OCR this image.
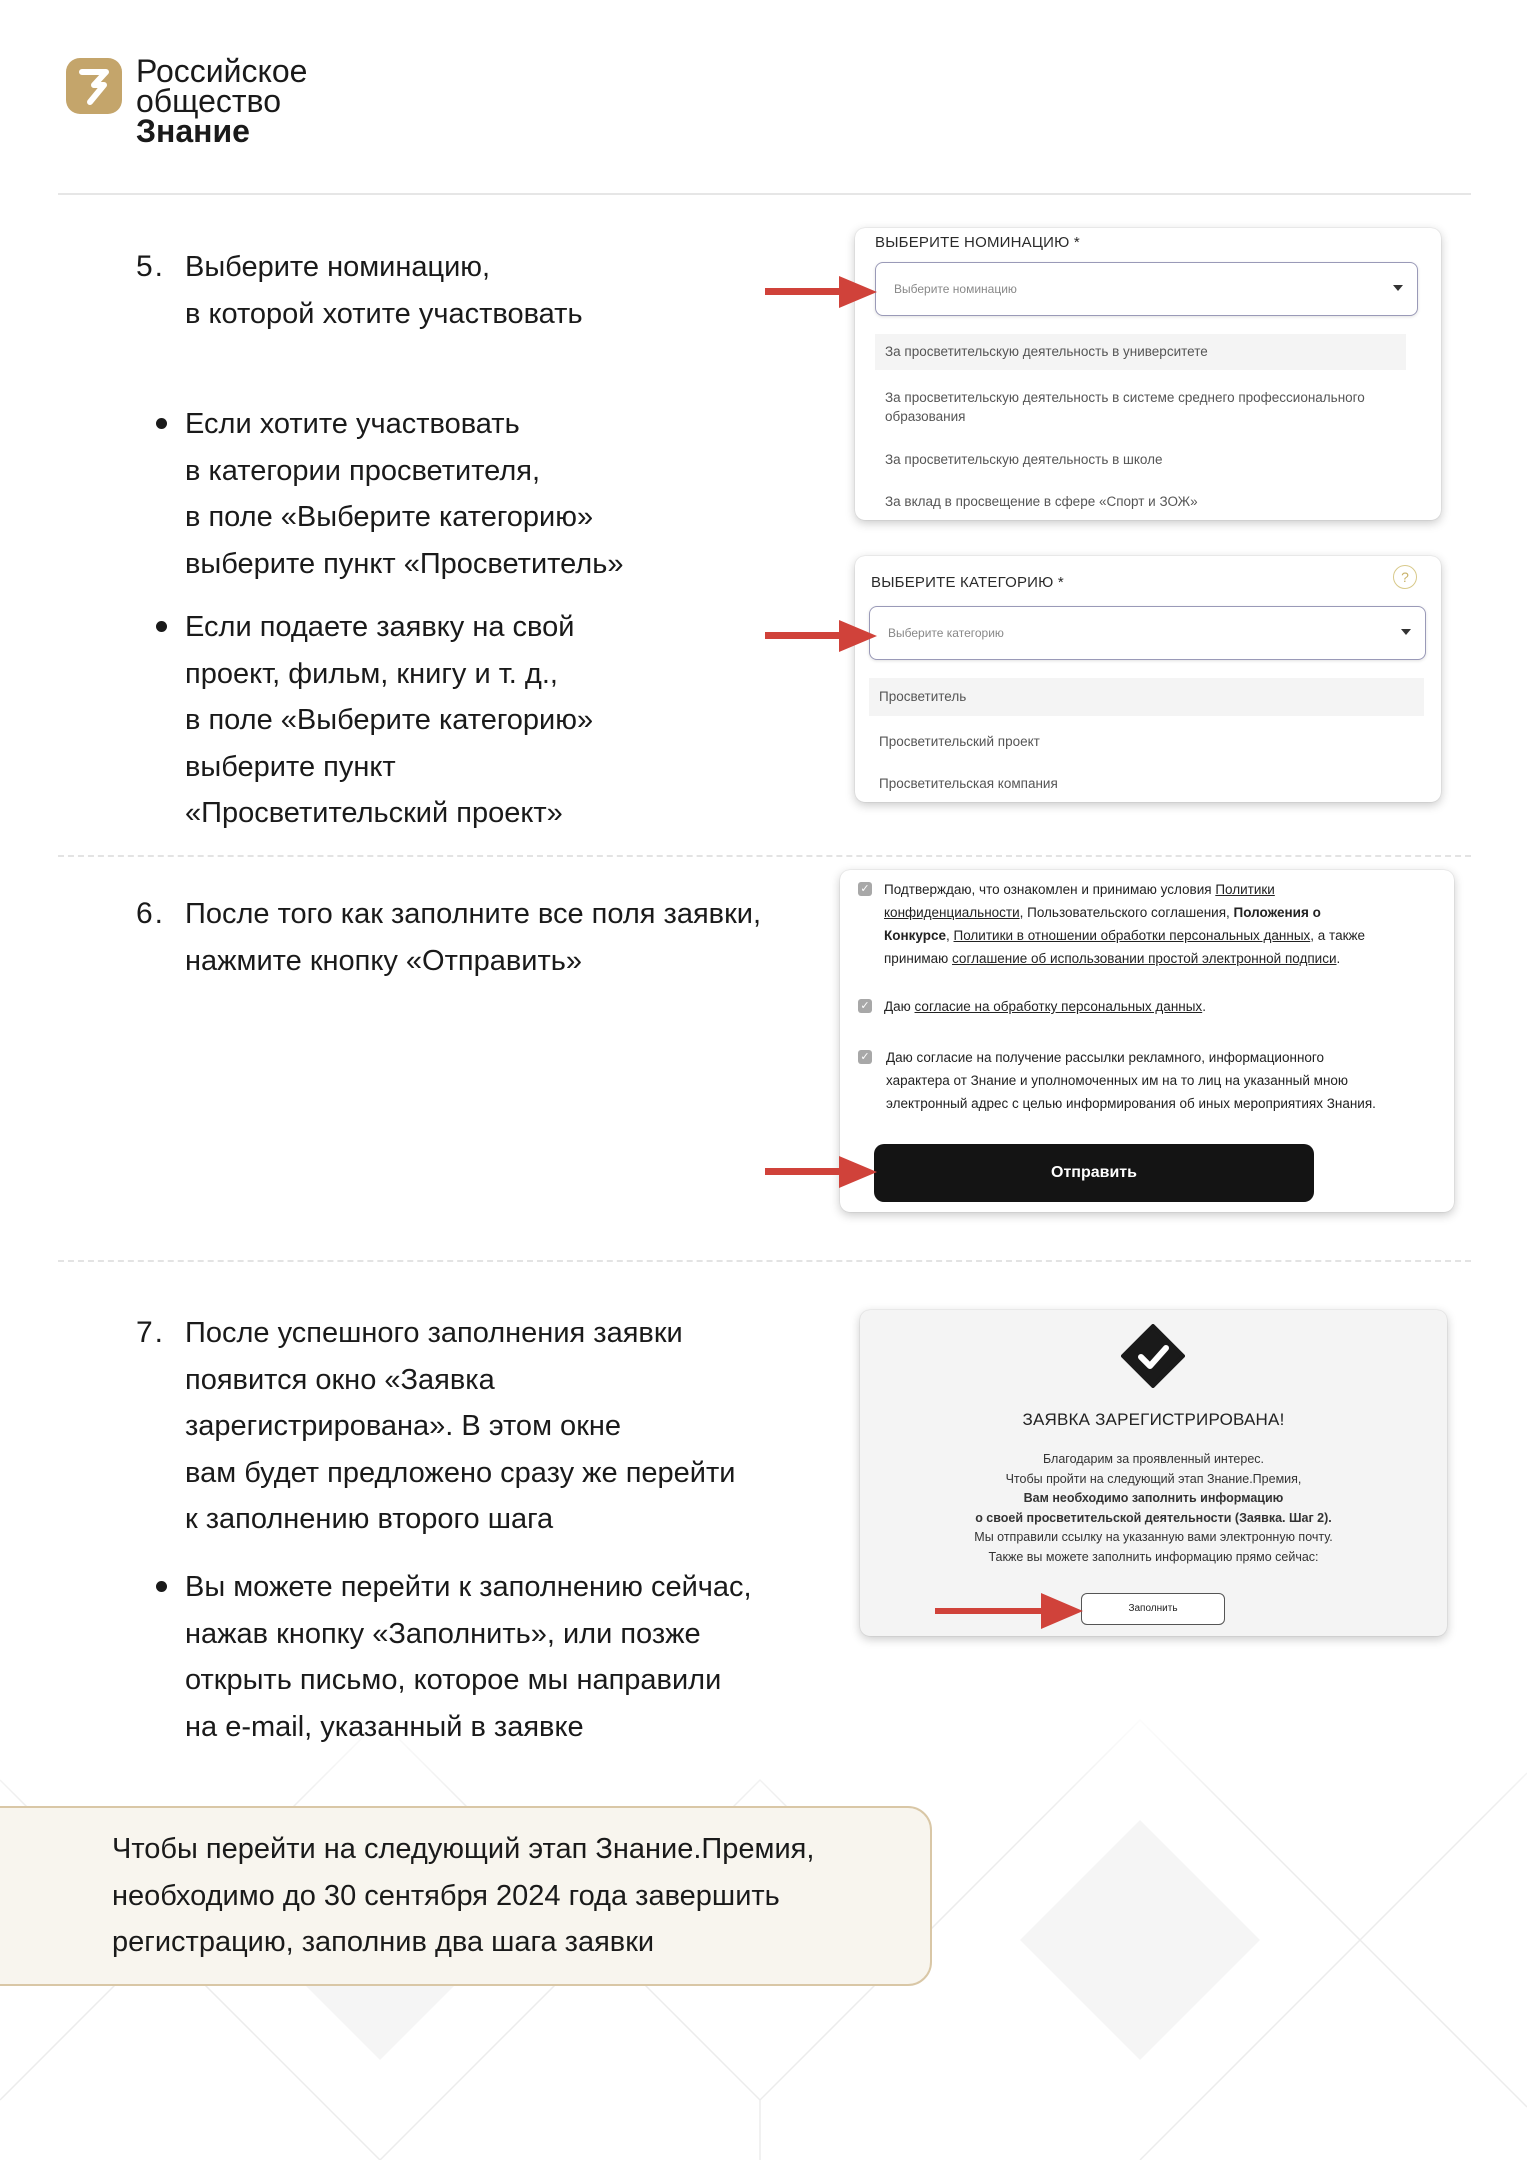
Российское
общество
Знание
5. Выберите номинацию,
в которой хотите участвовать
Если хотите участвовать
в категории просветителя,
в поле «Выберите категорию»
выберите пункт «Просветитель»
Если подаете заявку на свой
проект, фильм, книгу и т. д.,
в поле «Выберите категорию»
выберите пункт
«Просветительский проект»
ВЫБЕРИТЕ НОМИНАЦИЮ *
Выберите номинацию
За просветительскую деятельность в университете
За просветительскую деятельность в системе среднего профессионального
образования
За просветительскую деятельность в школе
За вклад в просвещение в сфере «Спорт и ЗОЖ»
ВЫБЕРИТЕ КАТЕГОРИЮ *	?
Выберите категорию
Просветитель
Просветительский проект
Просветительская компания
6. После того как заполните все поля заявки,
нажмите кнопку «Отправить»
✓ Подтверждаю, что ознакомлен и принимаю условия Политики
конфиденциальности, Пользовательского соглашения, Положения о
Конкурсе, Политики в отношении обработки персональных данных, а также
принимаю соглашение об использовании простой электронной подписи.
✓ Даю согласие на обработку персональных данных.
✓ Даю согласие на получение рассылки рекламного, информационного
характера от Знание и уполномоченных им на то лиц на указанный мною
электронный адрес с целью информирования об иных мероприятиях Знания.
Отправить
7. После успешного заполнения заявки
появится окно «Заявка
зарегистрирована». В этом окне
вам будет предложено сразу же перейти
к заполнению второго шага
Вы можете перейти к заполнению сейчас,
нажав кнопку «Заполнить», или позже
открыть письмо, которое мы направили
на e-mail, указанный в заявке
ЗАЯВКА ЗАРЕГИСТРИРОВАНА!
Благодарим за проявленный интерес.
Чтобы пройти на следующий этап Знание.Премия,
Вам необходимо заполнить информацию
о своей просветительской деятельности (Заявка. Шаг 2).
Мы отправили ссылку на указанную вами электронную почту.
Также вы можете заполнить информацию прямо сейчас:
Заполнить
Чтобы перейти на следующий этап Знание.Премия,
необходимо до 30 сентября 2024 года завершить
регистрацию, заполнив два шага заявки
